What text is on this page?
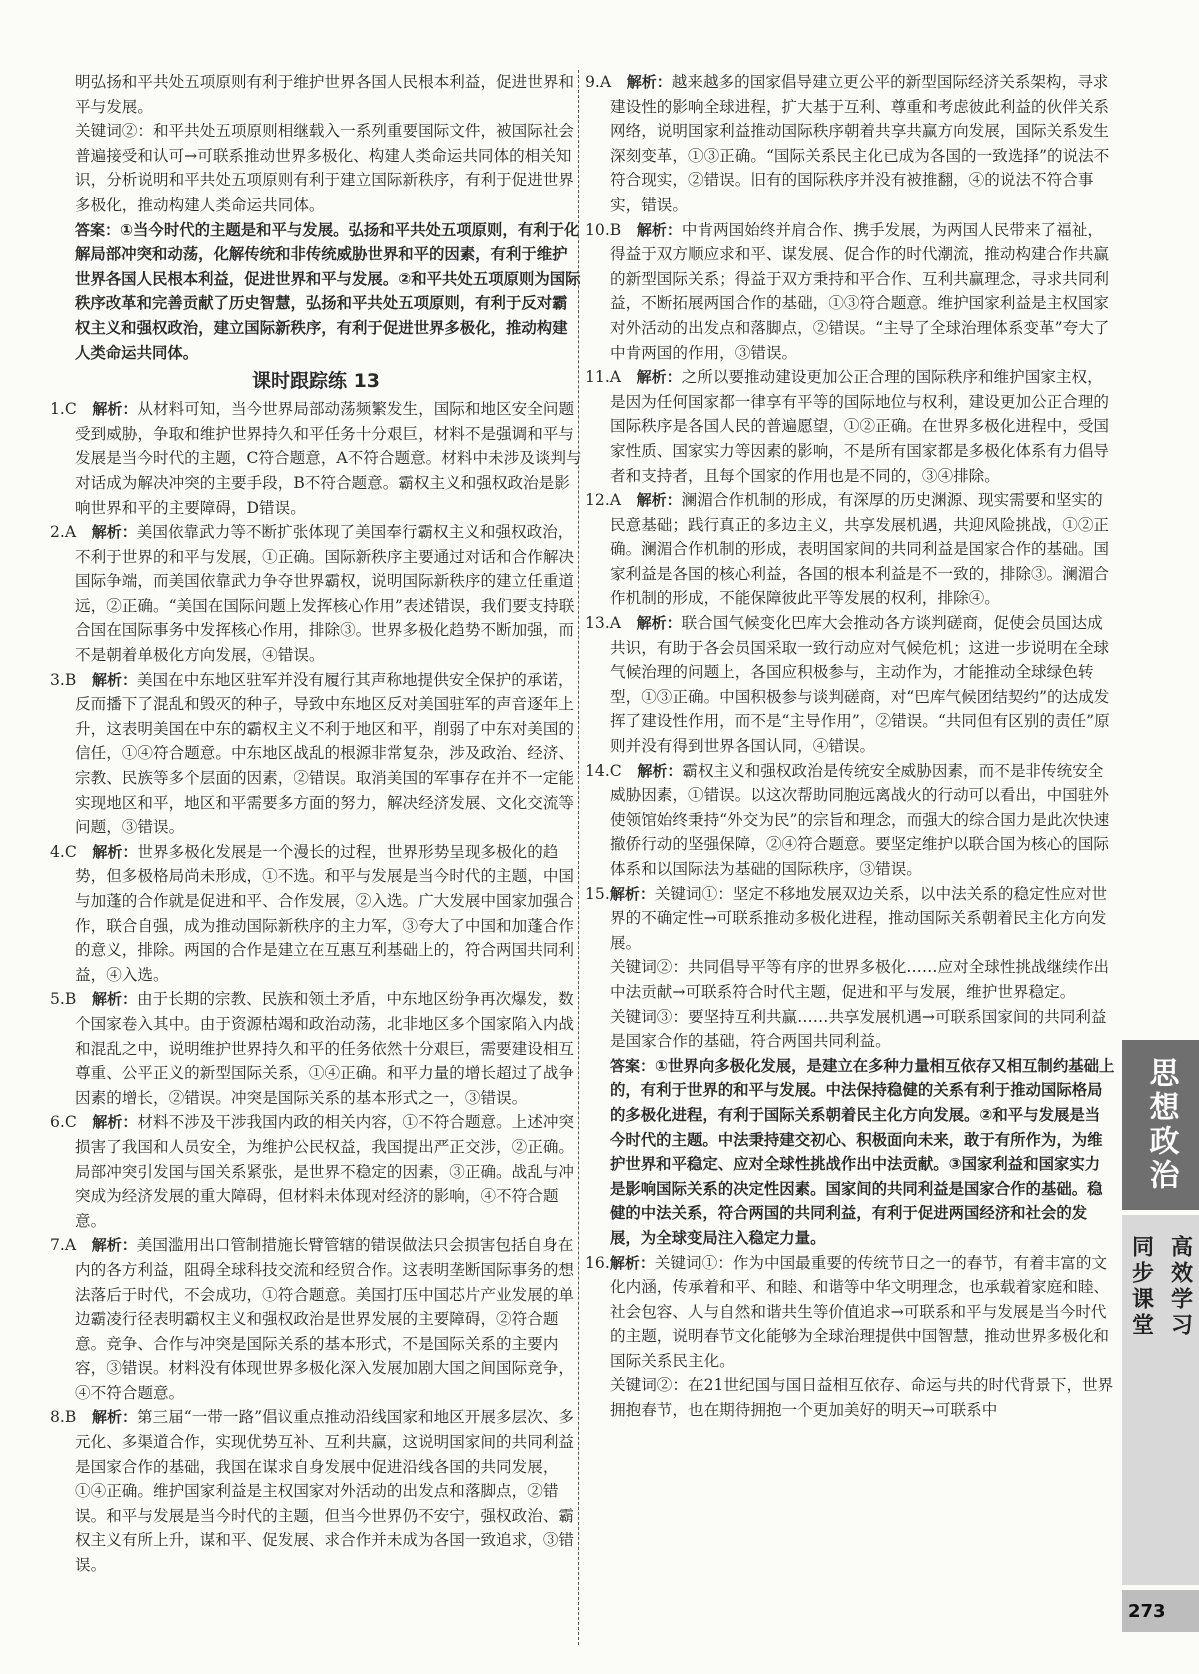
明弘扬和平共处五项原则有利于维护世界各国人民根本利益，促进世界和平与发展。

关键词②：和平共处五项原则相继载入一系列重要国际文件，被国际社会普遍接受和认可→可联系推动世界多极化、构建人类命运共同体的相关知识，分析说明和平共处五项原则有利于建立国际新秩序，有利于促进世界多极化，推动构建人类命运共同体。

答案：①当今时代的主题是和平与发展。弘扬和平共处五项原则，有利于化解局部冲突和动荡，化解传统和非传统威胁世界和平的因素，有利于维护世界各国人民根本利益，促进世界和平与发展。②和平共处五项原则为国际秩序改革和完善贡献了历史智慧，弘扬和平共处五项原则，有利于反对霸权主义和强权政治，建立国际新秩序，有利于促进世界多极化，推动构建人类命运共同体。

课时跟踪练 13

1.C  解析：从材料可知，当今世界局部动荡频繁发生，国际和地区安全问题受到威胁，争取和维护世界持久和平任务十分艰巨，材料不是强调和平与发展是当今时代的主题，C符合题意，A不符合题意。材料中未涉及谈判与对话成为解决冲突的主要手段，B不符合题意。霸权主义和强权政治是影响世界和平的主要障碍，D错误。

2.A  解析：美国依靠武力等不断扩张体现了美国奉行霸权主义和强权政治，不利于世界的和平与发展，①正确。国际新秩序主要通过对话和合作解决国际争端，而美国依靠武力争夺世界霸权，说明国际新秩序的建立任重道远，②正确。“美国在国际问题上发挥核心作用”表述错误，我们要支持联合国在国际事务中发挥核心作用，排除③。世界多极化趋势不断加强，而不是朝着单极化方向发展，④错误。

3.B  解析：美国在中东地区驻军并没有履行其声称地提供安全保护的承诺，反而播下了混乱和毁灭的种子，导致中东地区反对美国驻军的声音逐年上升，这表明美国在中东的霸权主义不利于地区和平，削弱了中东对美国的信任，①④符合题意。中东地区战乱的根源非常复杂，涉及政治、经济、宗教、民族等多个层面的因素，②错误。取消美国的军事存在并不一定能实现地区和平，地区和平需要多方面的努力，解决经济发展、文化交流等问题，③错误。

4.C  解析：世界多极化发展是一个漫长的过程，世界形势呈现多极化的趋势，但多极格局尚未形成，①不选。和平与发展是当今时代的主题，中国与加蓬的合作就是促进和平、合作发展，②入选。广大发展中国家加强合作，联合自强，成为推动国际新秩序的主力军，③夸大了中国和加蓬合作的意义，排除。两国的合作是建立在互惠互利基础上的，符合两国共同利益，④入选。

5.B  解析：由于长期的宗教、民族和领土矛盾，中东地区纷争再次爆发，数个国家卷入其中。由于资源枯竭和政治动荡，北非地区多个国家陷入内战和混乱之中，说明维护世界持久和平的任务依然十分艰巨，需要建设相互尊重、公平正义的新型国际关系，①④正确。和平力量的增长超过了战争因素的增长，②错误。冲突是国际关系的基本形式之一，③错误。

6.C  解析：材料不涉及干涉我国内政的相关内容，①不符合题意。上述冲突损害了我国和人员安全，为维护公民权益，我国提出严正交涉，②正确。局部冲突引发国与国关系紧张，是世界不稳定的因素，③正确。战乱与冲突成为经济发展的重大障碍，但材料未体现对经济的影响，④不符合题意。

7.A  解析：美国滥用出口管制措施长臂管辖的错误做法只会损害包括自身在内的各方利益，阻碍全球科技交流和经贸合作。这表明垄断国际事务的想法落后于时代，不会成功，①符合题意。美国打压中国芯片产业发展的单边霸凌行径表明霸权主义和强权政治是世界发展的主要障碍，②符合题意。竞争、合作与冲突是国际关系的基本形式，不是国际关系的主要内容，③错误。材料没有体现世界多极化深入发展加剧大国之间国际竞争，④不符合题意。

8.B  解析：第三届“一带一路”倡议重点推动沿线国家和地区开展多层次、多元化、多渠道合作，实现优势互补、互利共赢，这说明国家间的共同利益是国家合作的基础，我国在谋求自身发展中促进沿线各国的共同发展，①④正确。维护国家利益是主权国家对外活动的出发点和落脚点，②错误。和平与发展是当今时代的主题，但当今世界仍不安宁，强权政治、霸权主义有所上升，谋和平、促发展、求合作并未成为各国一致追求，③错误。

9.A  解析：越来越多的国家倡导建立更公平的新型国际经济关系架构，寻求建设性的影响全球进程，扩大基于互利、尊重和考虑彼此利益的伙伴关系网络，说明国家利益推动国际秩序朝着共享共赢方向发展，国际关系发生深刻变革，①③正确。“国际关系民主化已成为各国的一致选择”的说法不符合现实，②错误。旧有的国际秩序并没有被推翻，④的说法不符合事实，错误。

10.B  解析：中肯两国始终并肩合作、携手发展，为两国人民带来了福祉，得益于双方顺应求和平、谋发展、促合作的时代潮流，推动构建合作共赢的新型国际关系；得益于双方秉持和平合作、互利共赢理念，寻求共同利益，不断拓展两国合作的基础，①③符合题意。维护国家利益是主权国家对外活动的出发点和落脚点，②错误。“主导了全球治理体系变革”夸大了中肯两国的作用，③错误。

11.A  解析：之所以要推动建设更加公正合理的国际秩序和维护国家主权，是因为任何国家都一律享有平等的国际地位与权利，建设更加公正合理的国际秩序是各国人民的普遍愿望，①②正确。在世界多极化进程中，受国家性质、国家实力等因素的影响，不是所有国家都是多极化体系有力倡导者和支持者，且每个国家的作用也是不同的，③④排除。

12.A  解析：澜湄合作机制的形成，有深厚的历史渊源、现实需要和坚实的民意基础；践行真正的多边主义，共享发展机遇，共迎风险挑战，①②正确。澜湄合作机制的形成，表明国家间的共同利益是国家合作的基础。国家利益是各国的核心利益，各国的根本利益是不一致的，排除③。澜湄合作机制的形成，不能保障彼此平等发展的权利，排除④。

13.A  解析：联合国气候变化巴库大会推动各方谈判磋商，促使会员国达成共识，有助于各会员国采取一致行动应对气候危机；这进一步说明在全球气候治理的问题上，各国应积极参与，主动作为，才能推动全球绿色转型，①③正确。中国积极参与谈判磋商，对“巴库气候团结契约”的达成发挥了建设性作用，而不是“主导作用”，②错误。“共同但有区别的责任”原则并没有得到世界各国认同，④错误。

14.C  解析：霸权主义和强权政治是传统安全威胁因素，而不是非传统安全威胁因素，①错误。以这次帮助同胞远离战火的行动可以看出，中国驻外使领馆始终秉持“外交为民”的宗旨和理念，而强大的综合国力是此次快速撤侨行动的坚强保障，②④符合题意。要坚定维护以联合国为核心的国际体系和以国际法为基础的国际秩序，③错误。

15.解析：关键词①：坚定不移地发展双边关系，以中法关系的稳定性应对世界的不确定性→可联系推动多极化进程，推动国际关系朝着民主化方向发展。

关键词②：共同倡导平等有序的世界多极化……应对全球性挑战继续作出中法贡献→可联系符合时代主题，促进和平与发展，维护世界稳定。

关键词③：要坚持互利共赢……共享发展机遇→可联系国家间的共同利益是国家合作的基础，符合两国共同利益。

答案：①世界向多极化发展，是建立在多种力量相互依存又相互制约基础上的，有利于世界的和平与发展。中法保持稳健的关系有利于推动国际格局的多极化进程，有利于国际关系朝着民主化方向发展。②和平与发展是当今时代的主题。中法秉持建交初心、积极面向未来，敢于有所作为，为维护世界和平稳定、应对全球性挑战作出中法贡献。③国家利益和国家实力是影响国际关系的决定性因素。国家间的共同利益是国家合作的基础。稳健的中法关系，符合两国的共同利益，有利于促进两国经济和社会的发展，为全球变局注入稳定力量。

16.解析：关键词①：作为中国最重要的传统节日之一的春节，有着丰富的文化内涵，传承着和平、和睦、和谐等中华文明理念，也承载着家庭和睦、社会包容、人与自然和谐共生等价值追求→可联系和平与发展是当今时代的主题，说明春节文化能够为全球治理提供中国智慧，推动世界多极化和国际关系民主化。

关键词②：在21世纪国与国日益相互依存、命运与共的时代背景下，世界拥抱春节，也在期待拥抱一个更加美好的明天→可联系中

思想政治
同步课堂 高效学习
273
